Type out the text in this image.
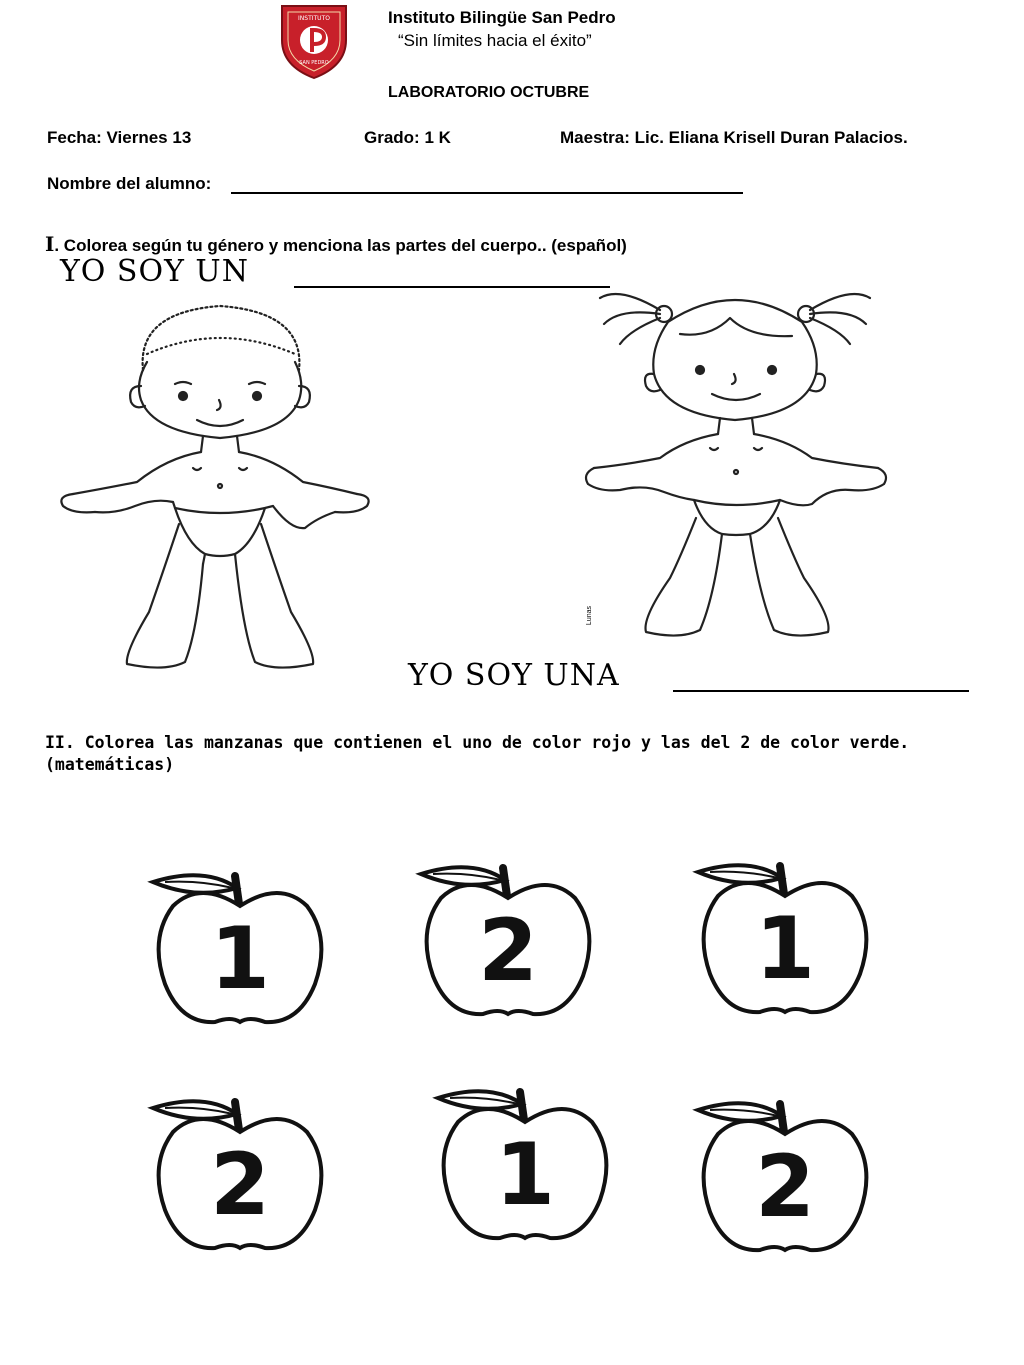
INSTITUTO
SAN PEDRO
Instituto Bilingüe San Pedro
“Sin límites hacia el éxito”
LABORATORIO OCTUBRE
Fecha: Viernes 13	Grado: 1 K	Maestra: Lic. Eliana Krisell Duran Palacios.
Nombre del alumno:
I. Colorea según tu género y menciona las partes del cuerpo.. (español)
YO SOY UN
Lunas
YO SOY UNA
II. Colorea las manzanas que contienen el uno de color rojo y las del 2 de color verde.
(matemáticas)
1 2	1
2	1 2
